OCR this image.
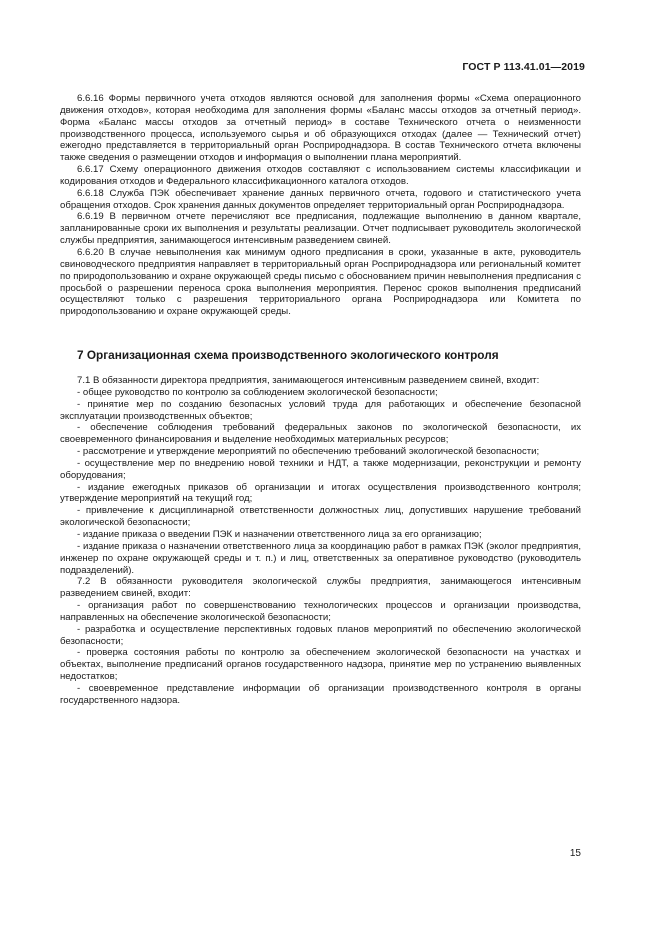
ГОСТ Р 113.41.01—2019

6.6.16 Формы первичного учета отходов являются основой для заполнения формы «Схема операционного движения отходов», которая необходима для заполнения формы «Баланс массы отходов за отчетный период». Форма «Баланс массы отходов за отчетный период» в составе Технического отчета о неизменности производственного процесса, используемого сырья и об образующихся отходах (далее — Технический отчет) ежегодно представляется в территориальный орган Росприроднадзора. В состав Технического отчета включены также сведения о размещении отходов и информация о выполнении плана мероприятий.

6.6.17 Схему операционного движения отходов составляют с использованием системы классификации и кодирования отходов и Федерального классификационного каталога отходов.

6.6.18 Служба ПЭК обеспечивает хранение данных первичного отчета, годового и статистического учета обращения отходов. Срок хранения данных документов определяет территориальный орган Росприроднадзора.

6.6.19 В первичном отчете перечисляют все предписания, подлежащие выполнению в данном квартале, запланированные сроки их выполнения и результаты реализации. Отчет подписывает руководитель экологической службы предприятия, занимающегося интенсивным разведением свиней.

6.6.20 В случае невыполнения как минимум одного предписания в сроки, указанные в акте, руководитель свиноводческого предприятия направляет в территориальный орган Росприроднадзора или региональный комитет по природопользованию и охране окружающей среды письмо с обоснованием причин невыполнения предписания с просьбой о разрешении переноса срока выполнения мероприятия. Перенос сроков выполнения предписаний осуществляют только с разрешения территориального органа Росприроднадзора или Комитета по природопользованию и охране окружающей среды.

7 Организационная схема производственного экологического контроля

7.1 В обязанности директора предприятия, занимающегося интенсивным разведением свиней, входит:

- общее руководство по контролю за соблюдением экологической безопасности;

- принятие мер по созданию безопасных условий труда для работающих и обеспечение безопасной эксплуатации производственных объектов;

- обеспечение соблюдения требований федеральных законов по экологической безопасности, их своевременного финансирования и выделение необходимых материальных ресурсов;

- рассмотрение и утверждение мероприятий по обеспечению требований экологической безопасности;

- осуществление мер по внедрению новой техники и НДТ, а также модернизации, реконструкции и ремонту оборудования;

- издание ежегодных приказов об организации и итогах осуществления производственного контроля; утверждение мероприятий на текущий год;

- привлечение к дисциплинарной ответственности должностных лиц, допустивших нарушение требований экологической безопасности;

- издание приказа о введении ПЭК и назначении ответственного лица за его организацию;

- издание приказа о назначении ответственного лица за координацию работ в рамках ПЭК (эколог предприятия, инженер по охране окружающей среды и т. п.) и лиц, ответственных за оперативное руководство (руководитель подразделений).

7.2 В обязанности руководителя экологической службы предприятия, занимающегося интенсивным разведением свиней, входит:

- организация работ по совершенствованию технологических процессов и организации производства, направленных на обеспечение экологической безопасности;

- разработка и осуществление перспективных годовых планов мероприятий по обеспечению экологической безопасности;

- проверка состояния работы по контролю за обеспечением экологической безопасности на участках и объектах, выполнение предписаний органов государственного надзора, принятие мер по устранению выявленных недостатков;

- своевременное представление информации об организации производственного контроля в органы государственного надзора.

15
